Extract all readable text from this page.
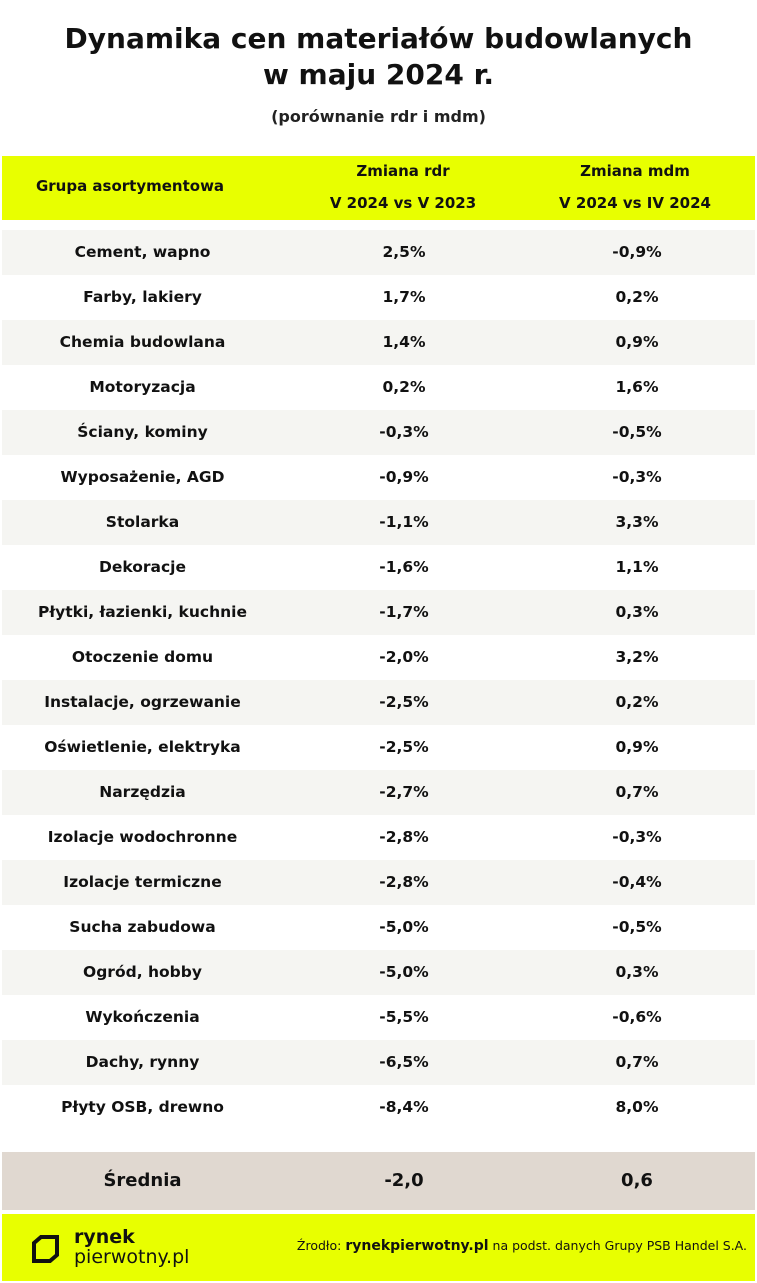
Dynamika cen materiałów budowlanych
w maju 2024 r.
(porównanie rdr i mdm)
Grupa asortymentowa
Zmiana rdr
V 2024 vs V 2023
Zmiana mdm
V 2024 vs IV 2024
Cement, wapno	2,5%	-0,9%
Farby, lakiery	1,7%	0,2%
Chemia budowlana	1,4%	0,9%
Motoryzacja	0,2%	1,6%
Ściany, kominy	-0,3%	-0,5%
Wyposażenie, AGD	-0,9%	-0,3%
Stolarka	-1,1%	3,3%
Dekoracje	-1,6%	1,1%
Płytki, łazienki, kuchnie	-1,7%	0,3%
Otoczenie domu	-2,0%	3,2%
Instalacje, ogrzewanie	-2,5%	0,2%
Oświetlenie, elektryka	-2,5%	0,9%
Narzędzia	-2,7%	0,7%
Izolacje wodochronne	-2,8%	-0,3%
Izolacje termiczne	-2,8%	-0,4%
Sucha zabudowa	-5,0%	-0,5%
Ogród, hobby	-5,0%	0,3%
Wykończenia	-5,5%	-0,6%
Dachy, rynny	-6,5%	0,7%
Płyty OSB, drewno	-8,4%	8,0%
Średnia	-2,0	0,6
rynek
pierwotny.pl
Źrodło: rynekpierwotny.pl na podst. danych Grupy PSB Handel S.A.
